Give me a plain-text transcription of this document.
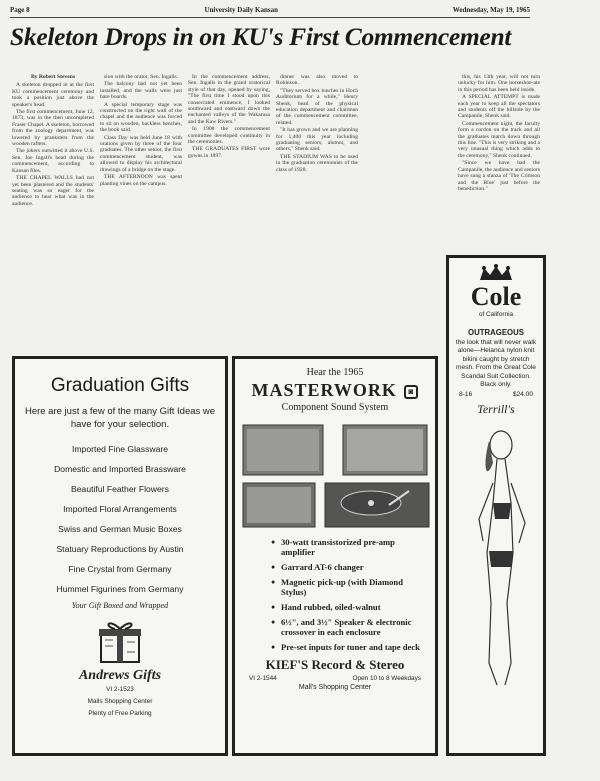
Page 8	University Daily Kansan	Wednesday, May 19, 1965
Skeleton Drops in on KU's First Commencement

By Robert Stevens

A skeleton dropped in at the first KU commencement ceremony and took a position just above the speaker's head.

The first commencement, June 12, 1873, was in the then uncompleted Fraser Chapel. A skeleton, borrowed from the zoology department, was lowered by pranksters from the wooden rafters.

The jokers outwitted it above U.S. Sen. Joe Ingall's head during the commencement, according to Kansan files.

THE CHAPEL WALLS had not yet been plastered and the students' seating was so eager for the audience to hear what was in the audience.

sion with the orator, Sen. Ingalls.

The balcony had not yet been installed, and the walls were just bare boards.

A special temporary stage was constructed on the right wall of the chapel and the audience was forced to sit on wooden, backless benches, the book said.

Class Day was held June 18 with orations given by three of the four graduates. The other senior, the first commencement student, was allowed to display his architectural drawings of a bridge on the stage.

THE AFTERNOON was spent planting vines on the campus.

In the commencement address, Sen. Ingalls in the grand oratorical style of that day, opened by saying, "The first time I stood upon this consecrated eminence, I looked southward and eastward down the enchanted valleys of the Wakarusa and the Kaw Rivers."

In 1908 the commencement committee developed continuity in the ceremonies.

THE GRADUATES FIRST wore gowns in 1897.

dinner was also moved to Robinson.

"They served box lunches in Hoch Auditorium for a while," Henry Shenk, head of the physical education department and chairman of the commencement committee, related.

"It has grown and we are planning for 1,400 this year including graduating seniors, alumni, and others," Shenk said.

THE STADIUM WAS to be used in the graduation ceremonies of the class of 1928.

this, his 13th year, will not turn unlucky for him. One horseshoe-ate in this period has been held inside.

A SPECIAL ATTEMPT is made each year to keep all the spectators and students off the hillside by the Campanile, Shenk said.

Commencement night, the faculty form a cordon on the track and all the graduates march down through this line. "This is very striking and a very unusual thing which adds to the ceremony," Shenk continued.

"Since we have had the Campanile, the audience and seniors have sung a stanza of 'The Crimson and the Blue' just before the benediction."

Graduation Gifts
Here are just a few of the many Gift Ideas we have for your selection.
Imported Fine Glassware
Domestic and Imported Brassware
Beautiful Feather Flowers
Imported Floral Arrangements
Swiss and German Music Boxes
Statuary Reproductions by Austin
Fine Crystal from Germany
Hummel Figurines from Germany
Your Gift Boxed and Wrapped
Andrews Gifts
VI 2-1523
Malls Shopping Center
Plenty of Free Parking
Hear the 1965
MASTERWORK ◙
Component Sound System
● 30-watt transistorized pre-amp amplifier
● Garrard AT-6 changer
● Magnetic pick-up (with Diamond Stylus)
● Hand rubbed, oiled-walnut
● 6½", and 3½" Speaker & electronic crossover in each enclosure
● Pre-set inputs for tuner and tape deck
KIEF'S Record & Stereo
VI 2-1544	Open 10 to 8 Weekdays
Mall's Shopping Center
Cole
of California
OUTRAGEOUS
the look that will never walk alone—Helanca nylon knit bikini caught by stretch mesh. From the Great Cole Scandal Suit Collection. Black only.
8-16	$24.00
Terrill's
